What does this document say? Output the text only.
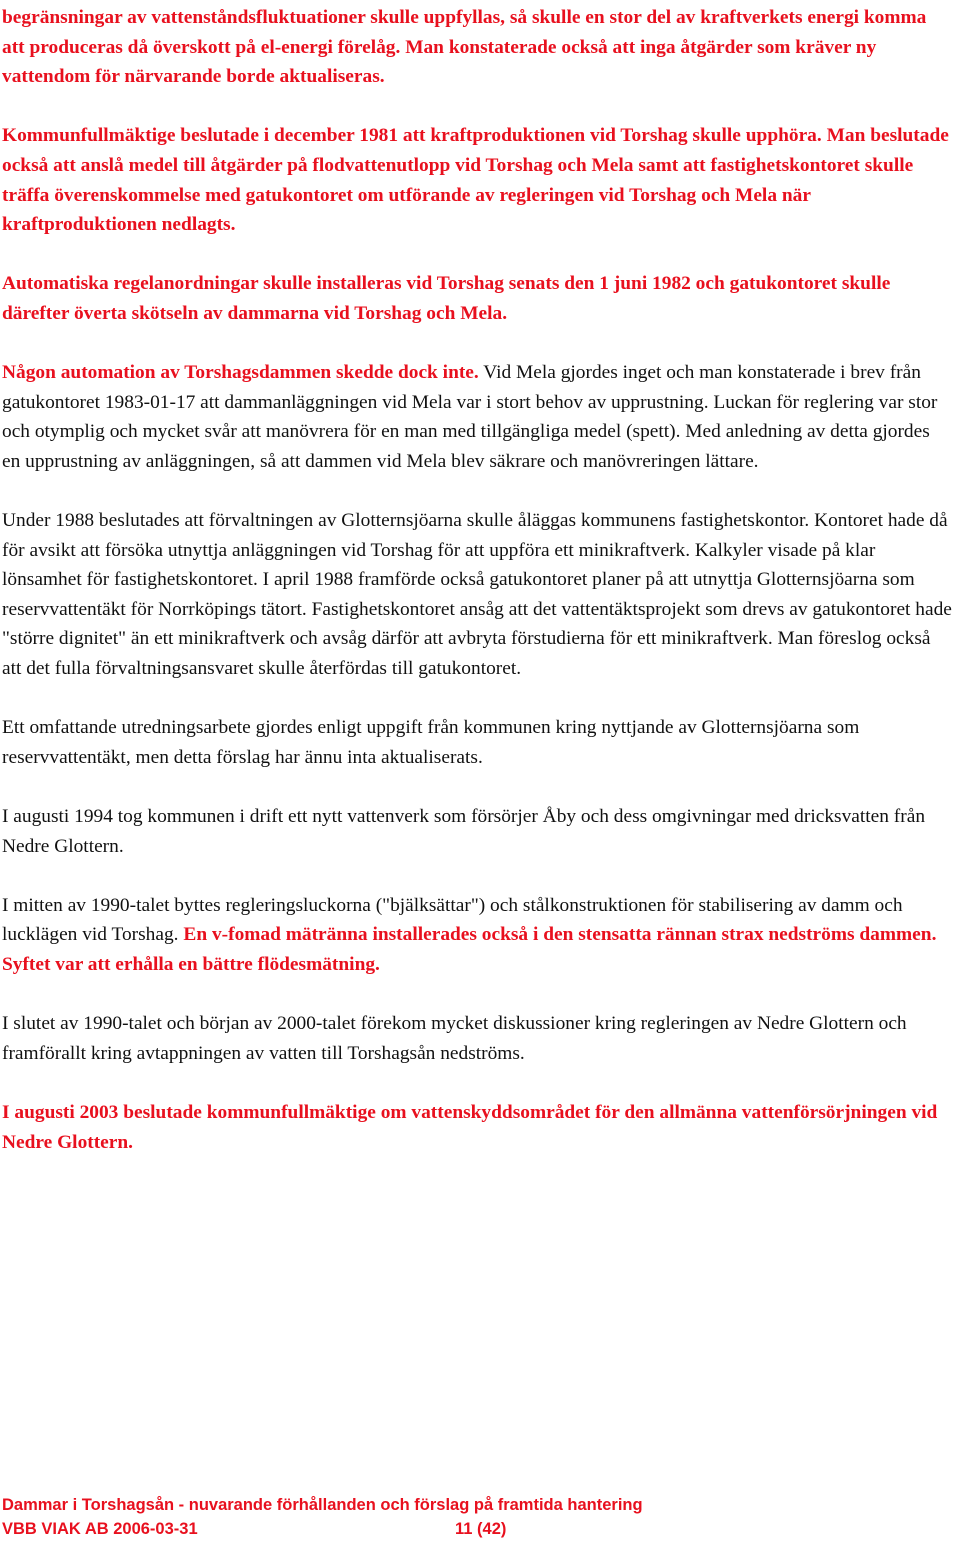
begränsningar av vattenståndsfluktuationer skulle uppfyllas, så skulle en stor del av kraftverkets energi komma att produceras då överskott på el-energi förelåg. Man konstaterade också att inga åtgärder som kräver ny vattendom för närvarande borde aktualiseras.

Kommunfullmäktige beslutade i december 1981 att kraftproduktionen vid Torshag skulle upphöra. Man beslutade också att anslå medel till åtgärder på flodvattenutlopp vid Torshag och Mela samt att fastighetskontoret skulle träffa överenskommelse med gatukontoret om utförande av regleringen vid Torshag och Mela när kraftproduktionen nedlagts.

Automatiska regelanordningar skulle installeras vid Torshag senats den 1 juni 1982 och gatukontoret skulle därefter överta skötseln av dammarna vid Torshag och Mela.

Någon automation av Torshagsdammen skedde dock inte. Vid Mela gjordes inget och man konstaterade i brev från gatukontoret 1983-01-17 att dammanläggningen vid Mela var i stort behov av upprustning. Luckan för reglering var stor och otymplig och mycket svår att manövrera för en man med tillgängliga medel (spett). Med anledning av detta gjordes en upprustning av anläggningen, så att dammen vid Mela blev säkrare och manövreringen lättare.

Under 1988 beslutades att förvaltningen av Glotternsjöarna skulle åläggas kommunens fastighetskontor. Kontoret hade då för avsikt att försöka utnyttja anläggningen vid Torshag för att uppföra ett minikraftverk. Kalkyler visade på klar lönsamhet för fastighetskontoret. I april 1988 framförde också gatukontoret planer på att utnyttja Glotternsjöarna som reservvattentäkt för Norrköpings tätort. Fastighetskontoret ansåg att det vattentäktsprojekt som drevs av gatukontoret hade "större dignitet" än ett minikraftverk och avsåg därför att avbryta förstudierna för ett minikraftverk. Man föreslog också att det fulla förvaltningsansvaret skulle återfördas till gatukontoret.

Ett omfattande utredningsarbete gjordes enligt uppgift från kommunen kring nyttjande av Glotternsjöarna som reservvattentäkt, men detta förslag har ännu inta aktualiserats.

I augusti 1994 tog kommunen i drift ett nytt vattenverk som försörjer Åby och dess omgivningar med dricksvatten från Nedre Glottern.

I mitten av 1990-talet byttes regleringsluckorna ("bjälksättar") och stålkonstruktionen för stabilisering av damm och lucklägen vid Torshag. En v-fomad mätränna installerades också i den stensatta rännan strax nedströms dammen. Syftet var att erhålla en bättre flödesmätning.

I slutet av 1990-talet och början av 2000-talet förekom mycket diskussioner kring regleringen av Nedre Glottern och framförallt kring avtappningen av vatten till Torshagsån nedströms.

I augusti 2003 beslutade kommunfullmäktige om vattenskyddsområdet för den allmänna vattenförsörjningen vid Nedre Glottern.

Dammar i Torshagsån - nuvarande förhållanden och förslag på framtida hantering
VBB VIAK AB 2006-03-31	11 (42)
